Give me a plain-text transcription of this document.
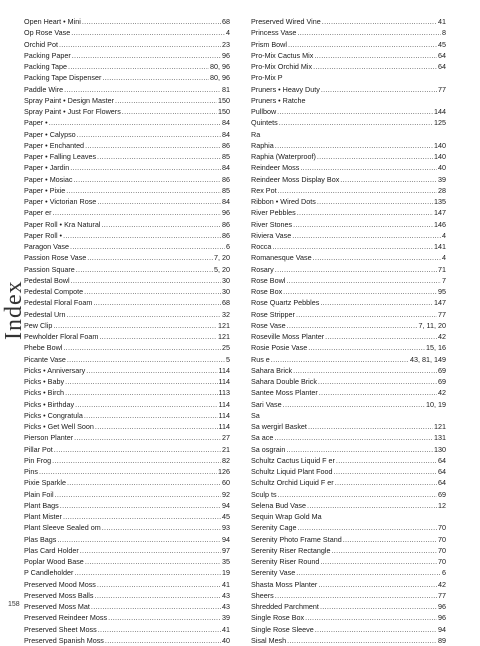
Index
Open Heart • Mini .....	68
Op Rose Vase .....	4
Orchid Pot .....	23
Packing Paper .....	96
Packing Tape .....	80, 96
Packing Tape Dispenser .....	80, 96
Paddle Wire .....	81
Spray Paint • Design Master .....	150
Spray Paint • Just For Flowers .....	150
Paper • .....	84
Paper • Calypso .....	84
Paper • Enchanted .....	86
Paper • Falling Leaves .....	85
Paper • Jardin .....	84
Paper • Mosiac .....	86
Paper • Pixie .....	85
Paper • Victorian Rose .....	84
Paper er .....	96
Paper Roll • Kra Natural .....	86
Paper Roll • .....	86
Paragon Vase .....	6
Passion Rose Vase .....	7, 20
Passion Square .....	5, 20
Pedestal Bowl .....	30
Pedestal Compote .....	30
Pedestal Floral Foam .....	68
Pedestal Urn .....	32
Pew Clip .....	121
Pewholder Floral Foam .....	121
Phebe Bowl .....	25
Picante Vase .....	5
Picks • Anniversary .....	114
Picks • Baby .....	114
Picks • Birch .....	113
Picks • Birthday .....	114
Picks • Congratula .....	114
Picks • Get Well Soon .....	114
Pierson Planter .....	27
Pillar Pot .....	21
Pin Frog .....	82
Pins .....	126
Pixie Sparkle .....	60
Plain Foil .....	92
Plant Bags .....	94
Plant Mister .....	45
Plant Sleeve Sealed om .....	93
Plas Bags .....	94
Plas Card Holder .....	97
Poplar Wood Base .....	35
P Candleholder .....	19
Preserved Mood Moss .....	41
Preserved Moss Balls .....	43
Preserved Moss Mat .....	43
Preserved Reindeer Moss .....	39
Preserved Sheet Moss .....	41
Preserved Spanish Moss .....	40
Preserved Wired Vine .....	41
Princess Vase .....	8
Prism Bowl .....	45
Pro-Mix Cactus Mix .....	64
Pro-Mix Orchid Mix .....	64
Pro-Mix P
Pruners • Heavy Duty .....	77
Pruners • Ratche
Pullbow .....	144
Quintets .....	125
Ra
Raphia .....	140
Raphia (Waterproof) .....	140
Reindeer Moss .....	40
Reindeer Moss Display Box .....	39
Rex Pot .....	28
Ribbon • Wired Dots .....	135
River Pebbles .....	147
River Stones .....	146
Riviera Vase .....	4
Rocca .....	141
Romanesque Vase .....	4
Rosary .....	71
Rose Bowl .....	7
Rose Box .....	95
Rose Quartz Pebbles .....	147
Rose Stripper .....	77
Rose Vase .....	7, 11, 20
Roseville Moss Planter .....	42
Rosie Posie Vase .....	15, 16
Rus e .....	43, 81, 149
Sahara Brick .....	69
Sahara Double Brick .....	69
Santee Moss Planter .....	42
Sari Vase .....	10, 19
Sa
Sa wergirl Basket .....	121
Sa ace .....	131
Sa osgrain .....	130
Schultz Cactus Liquid F er .....	64
Schultz Liquid Plant Food .....	64
Schultz Orchid Liquid F er .....	64
Sculp ts .....	69
Selena Bud Vase .....	12
Sequin Wrap Gold Ma
Serenity Cage .....	70
Serenity Photo Frame Stand .....	70
Serenity Riser Rectangle .....	70
Serenity Riser Round .....	70
Serenity Vase .....	6
Shasta Moss Planter .....	42
Sheers .....	77
Shredded Parchment .....	96
Single Rose Box .....	96
Single Rose Sleeve .....	94
Sisal Mesh .....	89
158
